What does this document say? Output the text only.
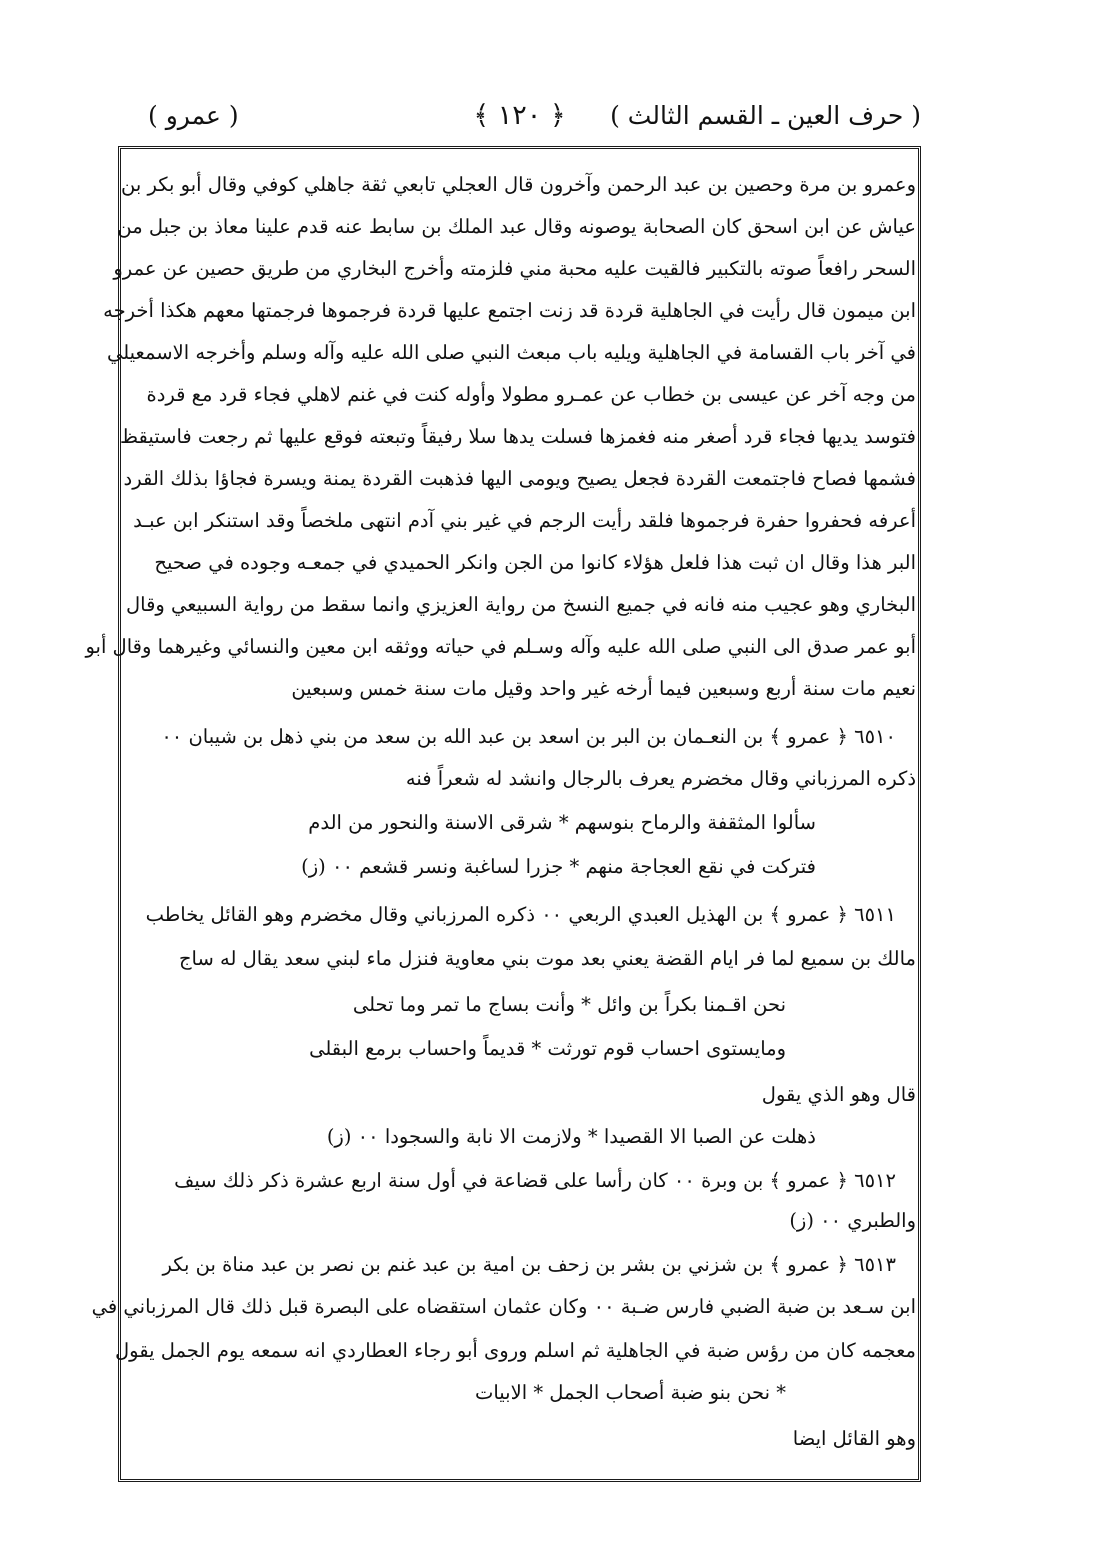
( حرف العين ـ القسم الثالث )
﴿ ١٢٠ ﴾
( عمرو )
وعمرو بن مرة وحصين بن عبد الرحمن وآخرون قال العجلي تابعي ثقة جاهلي كوفي وقال أبو بكر بن
عياش عن ابن اسحق كان الصحابة يوصونه وقال عبد الملك بن سابط عنه قدم علينا معاذ بن جبل من
السحر رافعاً صوته بالتكبير فالقيت عليه محبة مني فلزمته وأخرج البخاري من طريق حصين عن عمرو
ابن ميمون قال رأيت في الجاهلية قردة قد زنت اجتمع عليها قردة فرجموها فرجمتها معهم هكذا أخرجه
في آخر باب القسامة في الجاهلية ويليه باب مبعث النبي صلى الله عليه وآله وسلم وأخرجه الاسمعيلي
من وجه آخر عن عيسى بن خطاب عن عمـرو مطولا وأوله كنت في غنم لاهلي فجاء قرد مع قردة
فتوسد يديها فجاء قرد أصغر منه فغمزها فسلت يدها سلا رفيقاً وتبعته فوقع عليها ثم رجعت فاستيقظ
فشمها فصاح فاجتمعت القردة فجعل يصيح ويومى اليها فذهبت القردة يمنة ويسرة فجاؤا بذلك القرد
أعرفه فحفروا حفرة فرجموها فلقد رأيت الرجم في غير بني آدم انتهى ملخصاً وقد استنكر ابن عبـد
البر هذا وقال ان ثبت هذا فلعل هؤلاء كانوا من الجن وانكر الحميدي في جمعـه وجوده في صحيح
البخاري وهو عجيب منه فانه في جميع النسخ من رواية العزيزي وانما سقط من رواية السبيعي وقال
أبو عمر صدق الى النبي صلى الله عليه وآله وسـلم في حياته ووثقه ابن معين والنسائي وغيرهما وقال أبو
نعيم مات سنة أربع وسبعين فيما أرخه غير واحد وقيل مات سنة خمس وسبعين
٦٥١٠ ﴿ عمرو ﴾ بن النعـمان بن البر بن اسعد بن عبد الله بن سعد من بني ذهل بن شيبان ٠٠
ذكره المرزباني وقال مخضرم يعرف بالرجال وانشد له شعراً فنه
سألوا المثقفة والرماح بنوسهم * شرقى الاسنة والنحور من الدم
فتركت في نقع العجاجة منهم * جزرا لساغبة ونسر قشعم ٠٠ (ز)
٦٥١١ ﴿ عمرو ﴾ بن الهذيل العبدي الربعي ٠٠ ذكره المرزباني وقال مخضرم وهو القائل يخاطب
مالك بن سميع لما فر ايام القضة يعني بعد موت بني معاوية فنزل ماء لبني سعد يقال له ساج
نحن اقـمنا بكراً بن وائل * وأنت بساج ما تمر وما تحلى
ومايستوى احساب قوم تورثت * قديماً واحساب برمع البقلى
قال وهو الذي يقول
ذهلت عن الصبا الا القصيدا * ولازمت الا نابة والسجودا ٠٠ (ز)
٦٥١٢ ﴿ عمرو ﴾ بن وبرة ٠٠ كان رأسا على قضاعة في أول سنة اربع عشرة ذكر ذلك سيف
والطبري ٠٠ (ز)
٦٥١٣ ﴿ عمرو ﴾ بن شزني بن بشر بن زحف بن امية بن عبد غنم بن نصر بن عبد مناة بن بكر
ابن سـعد بن ضبة الضبي فارس ضـبة ٠٠ وكان عثمان استقضاه على البصرة قبل ذلك قال المرزباني في
معجمه كان من رؤس ضبة في الجاهلية ثم اسلم وروى أبو رجاء العطاردي انه سمعه يوم الجمل يقول
* نحن بنو ضبة أصحاب الجمل * الابيات
وهو القائل ايضا
